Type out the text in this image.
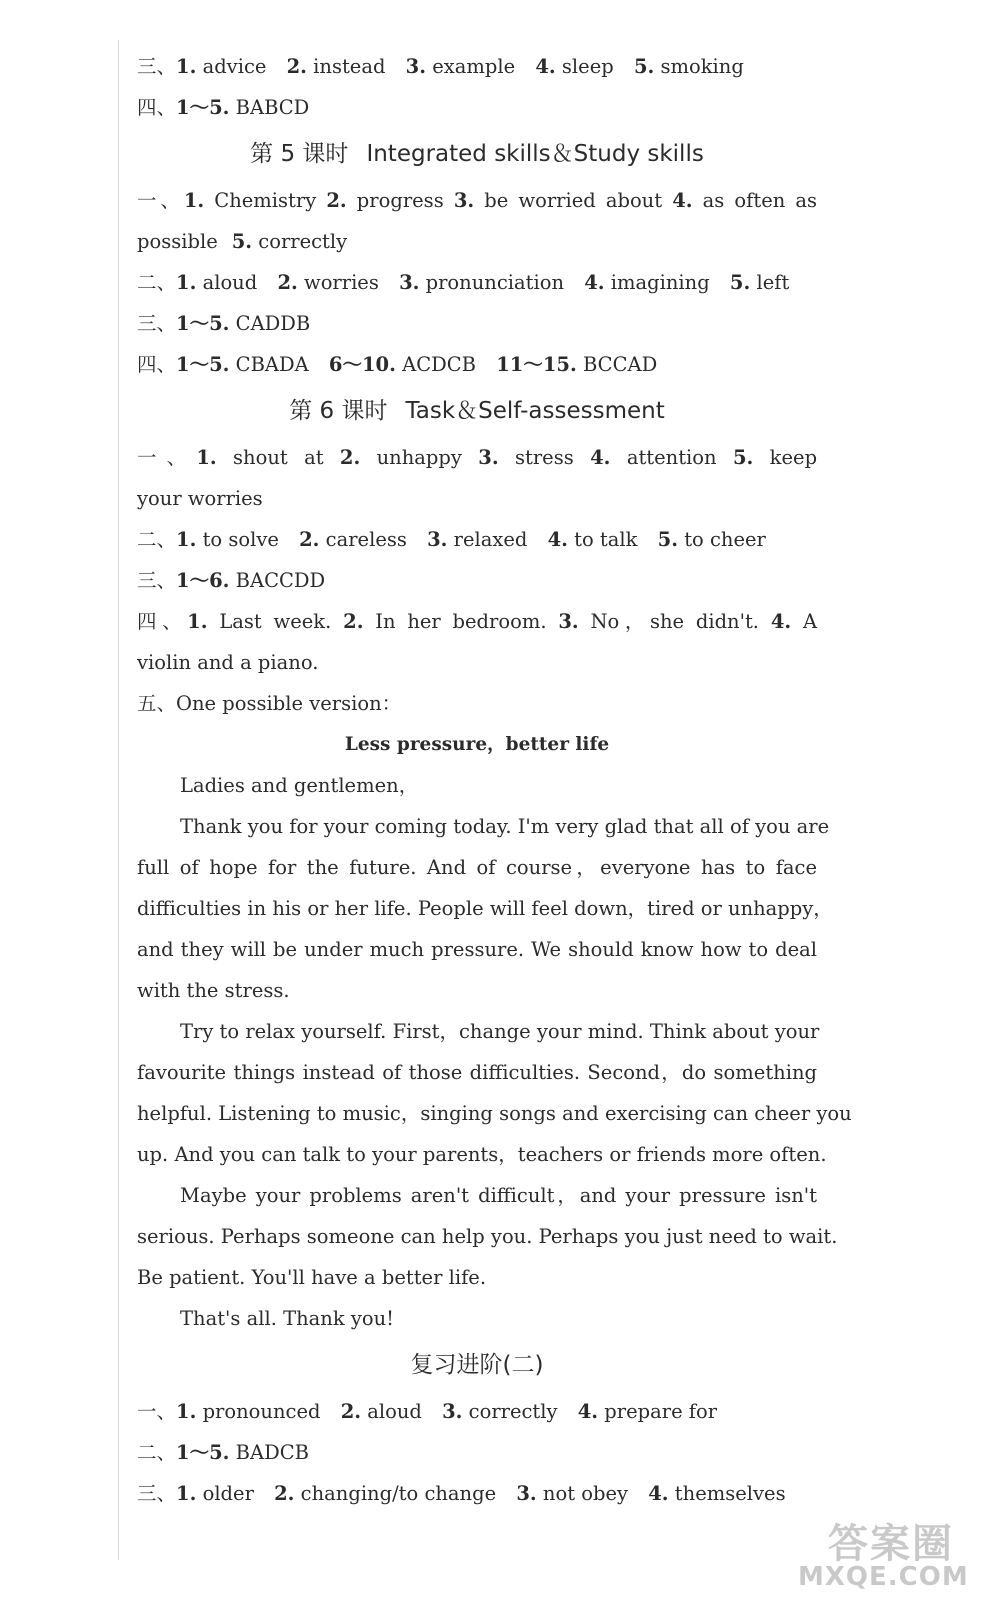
三、1. advice 2. instead 3. example 4. sleep 5. smoking
四、1～5. BABCD
第 5 课时 Integrated skills＆Study skills
一、1. Chemistry 2. progress 3. be worried about 4. as often as
possible 5. correctly
二、1. aloud 2. worries 3. pronunciation 4. imagining 5. left
三、1～5. CADDB
四、1～5. CBADA 6～10. ACDCB 11～15. BCCAD
第 6 课时 Task＆Self-assessment
一、1. shout at 2. unhappy 3. stress 4. attention 5. keep
your worries
二、1. to solve 2. careless 3. relaxed 4. to talk 5. to cheer
三、1～6. BACCDD
四、1. Last week. 2. In her bedroom. 3. No，she didn't. 4. A
violin and a piano.
五、One possible version：
Less pressure，better life
Ladies and gentlemen，
Thank you for your coming today. I'm very glad that all of you are
full of hope for the future. And of course，everyone has to face
difficulties in his or her life. People will feel down，tired or unhappy，
and they will be under much pressure. We should know how to deal
with the stress.
Try to relax yourself. First，change your mind. Think about your
favourite things instead of those difficulties. Second，do something
helpful. Listening to music，singing songs and exercising can cheer you
up. And you can talk to your parents，teachers or friends more often.
Maybe your problems aren't difficult，and your pressure isn't
serious. Perhaps someone can help you. Perhaps you just need to wait.
Be patient. You'll have a better life.
That's all. Thank you!
复习进阶(二)
一、1. pronounced 2. aloud 3. correctly 4. prepare for
二、1～5. BADCB
三、1. older 2. changing/to change 3. not obey 4. themselves
答案圈
MXQE.COM
